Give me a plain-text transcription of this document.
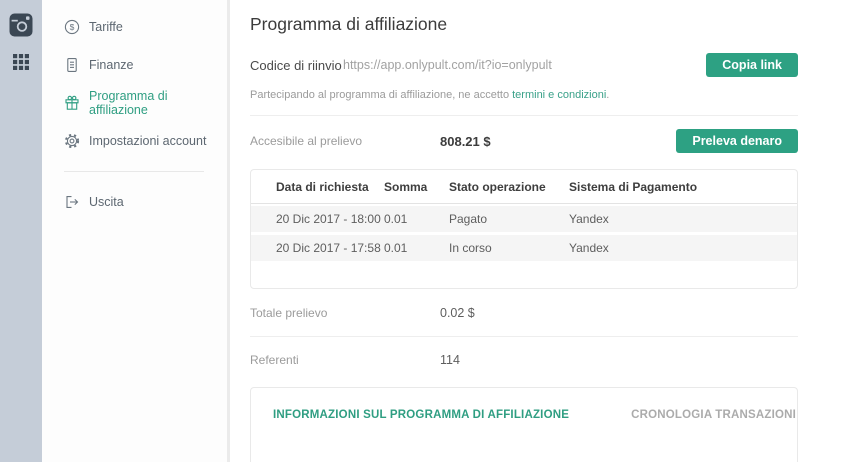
$ Tariffe
Finanze
Programma di affiliazione
Impostazioni account
Uscita
Programma di affiliazione
Codice di riinvio https://app.onlypult.com/it?io=onlypult	Copia link
Partecipando al programma di affiliazione, ne accetto termini e condizioni.
Accesibile al prelievo	808.21 $	Preleva denaro
Data di richiesta	Somma	Stato operazione	Sistema di Pagamento
20 Dic 2017 - 18:00	0.01	Pagato	Yandex
20 Dic 2017 - 17:58	0.01	In corso	Yandex
Totale prelievo	0.02 $
Referenti	114
INFORMAZIONI SUL PROGRAMMA DI AFFILIAZIONE	CRONOLOGIA TRANSAZIONI
